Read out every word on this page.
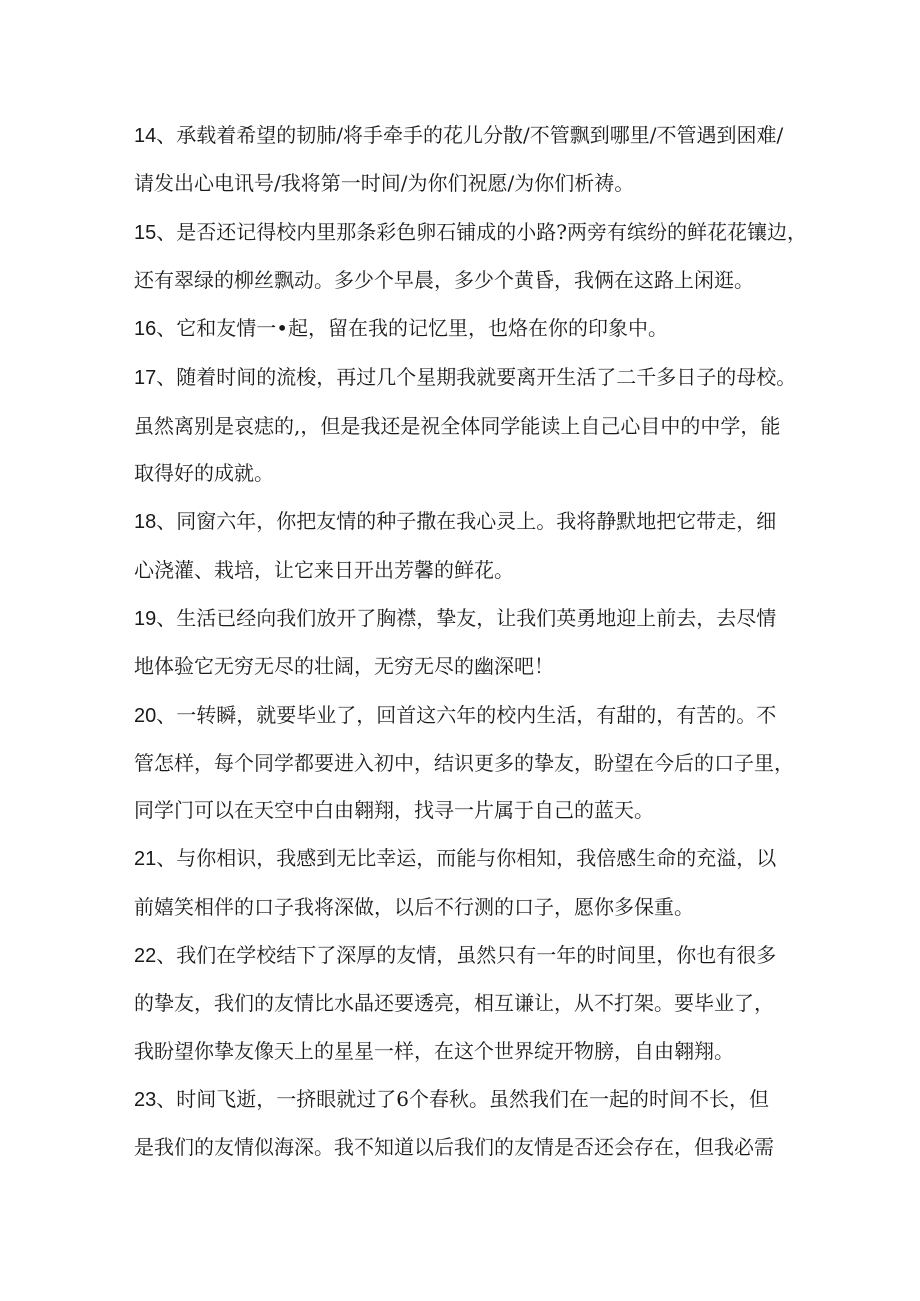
14、承载着希望的韧肺/将手牵手的花儿分散/不管飘到哪里/不管遇到困难/
请发出心电讯号/我将第一时间/为你们祝愿/为你们析祷。

15、是否还记得校内里那条彩色卵石铺成的小路?两旁有缤纷的鲜花花镶边，
还有翠绿的柳丝飘动。多少个早晨，多少个黄昏，我俩在这路上闲逛。

16、它和友情一•起，留在我的记忆里，也烙在你的印象中。

17、随着时间的流梭，再过几个星期我就要离开生活了二千多日子的母校。
虽然离别是哀痣的,，但是我还是祝全体同学能读上自己心目中的中学，能
取得好的成就。

18、同窗六年，你把友情的种子撒在我心灵上。我将静默地把它带走，细
心浇灌、栽培，让它来日开出芳馨的鲜花。

19、生活已经向我们放开了胸襟，挚友，让我们英勇地迎上前去，去尽情
地体验它无穷无尽的壮阔，无穷无尽的幽深吧！

20、一转瞬，就要毕业了，回首这六年的校内生活，有甜的，有苦的。不
管怎样，每个同学都要进入初中，结识更多的挚友，盼望在今后的口子里，
同学门可以在天空中白由翱翔，找寻一片属于自己的蓝天。

21、与你相识，我感到无比幸运，而能与你相知，我倍感生命的充溢，以
前嬉笑相伴的口子我将深做，以后不行测的口子，愿你多保重。

22、我们在学校结下了深厚的友情，虽然只有一年的时间里，你也有很多
的挚友，我们的友情比水晶还要透亮，相互谦让，从不打架。要毕业了，
我盼望你挚友像天上的星星一样，在这个世界绽开物膀，自由翱翔。

23、时间飞逝，一挤眼就过了6个春秋。虽然我们在一起的时间不长，但
是我们的友情似海深。我不知道以后我们的友情是否还会存在，但我必需
